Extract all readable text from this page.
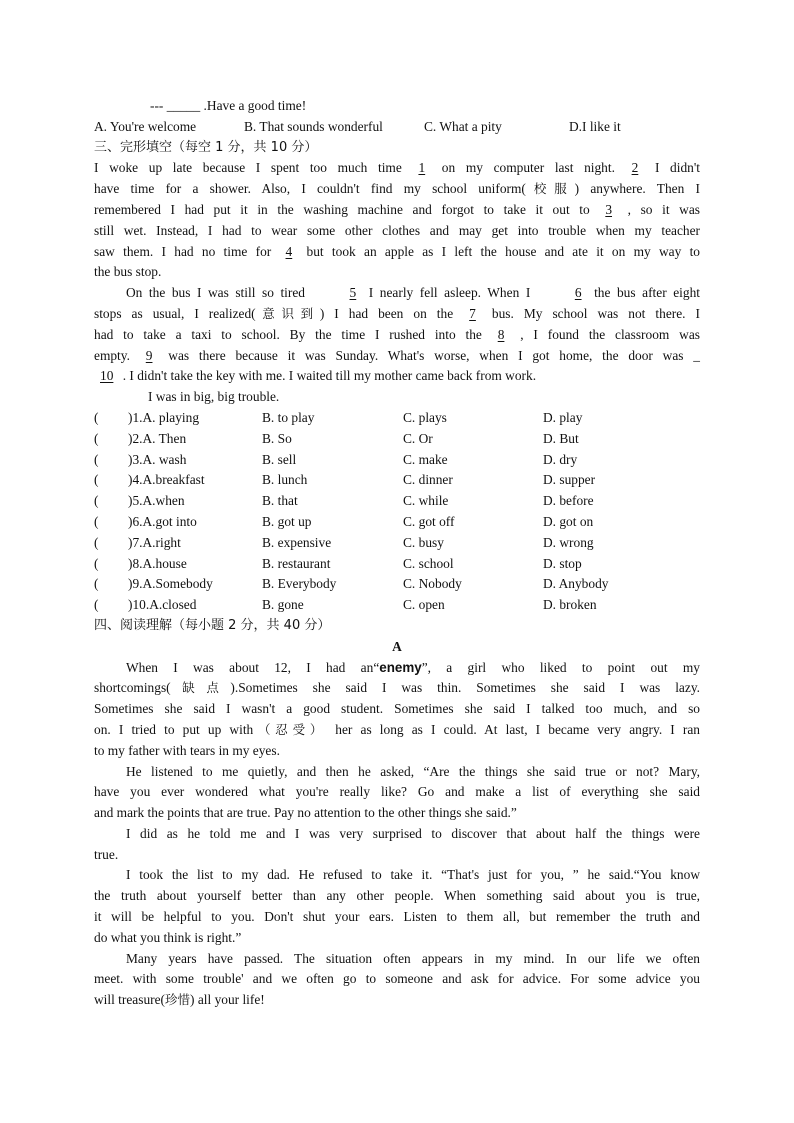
--- _____ .Have a good time!
A. You're welcome	B. That sounds wonderful	C. What a pity	D.I like it
三、完形填空（每空 1 分，共 10 分）
I woke up late because I spent too much time 1 on my computer last night. 2 I didn't
have time for a shower. Also, I couldn't find my school uniform(校服) anywhere. Then I
remembered I had put it in the washing machine and forgot to take it out to 3 , so it was
still wet. Instead, I had to wear some other clothes and may get into trouble when my teacher
saw them. I had no time for 4 but took an apple as I left the house and ate it on my way to
the bus stop.
On the bus I was still so tired	5 I nearly fell asleep. When I	6 the bus after eight
stops as usual, I realized(意识到) I had been on the 7 bus. My school was not there. I
had to take a taxi to school. By the time I rushed into the 8 , I found the classroom was
empty. 9 was there because it was Sunday. What's worse, when I got home, the door was _
10 . I didn't take the key with me. I waited till my mother came back from work.
I was in big, big trouble.
(	)1.A. playing	B. to play	C. plays	D. play
(	)2.A. Then	B. So	C. Or	D. But
(	)3.A. wash	B. sell	C. make	D. dry
(	)4.A.breakfast	B. lunch	C. dinner	D. supper
(	)5.A.when	B. that	C. while	D. before
(	)6.A.got into	B. got up	C. got off	D. got on
(	)7.A.right	B. expensive	C. busy	D. wrong
(	)8.A.house	B. restaurant	C. school	D. stop
(	)9.A.Somebody	B. Everybody	C. Nobody	D. Anybody
(	)10.A.closed	B. gone	C. open	D. broken
四、阅读理解（每小题 2 分，共 40 分）
A
When I was about 12, I had an“enemy”, a girl who liked to point out my
shortcomings(缺点).Sometimes she said I was thin. Sometimes she said I was lazy.
Sometimes she said I wasn't a good student. Sometimes she said I talked too much, and so
on. I tried to put up with（忍受） her as long as I could. At last, I became very angry. I ran
to my father with tears in my eyes.
He listened to me quietly, and then he asked, “Are the things she said true or not? Mary,
have you ever wondered what you're really like? Go and make a list of everything she said
and mark the points that are true. Pay no attention to the other things she said.”
I did as he told me and I was very surprised to discover that about half the things were
true.
I took the list to my dad. He refused to take it. “That's just for you, ” he said.“You know
the truth about yourself better than any other people. When something said about you is true,
it will be helpful to you. Don't shut your ears. Listen to them all, but remember the truth and
do what you think is right.”
Many years have passed. The situation often appears in my mind. In our life we often
meet. with some trouble' and we often go to someone and ask for advice. For some advice you
will treasure(珍惜) all your life!
